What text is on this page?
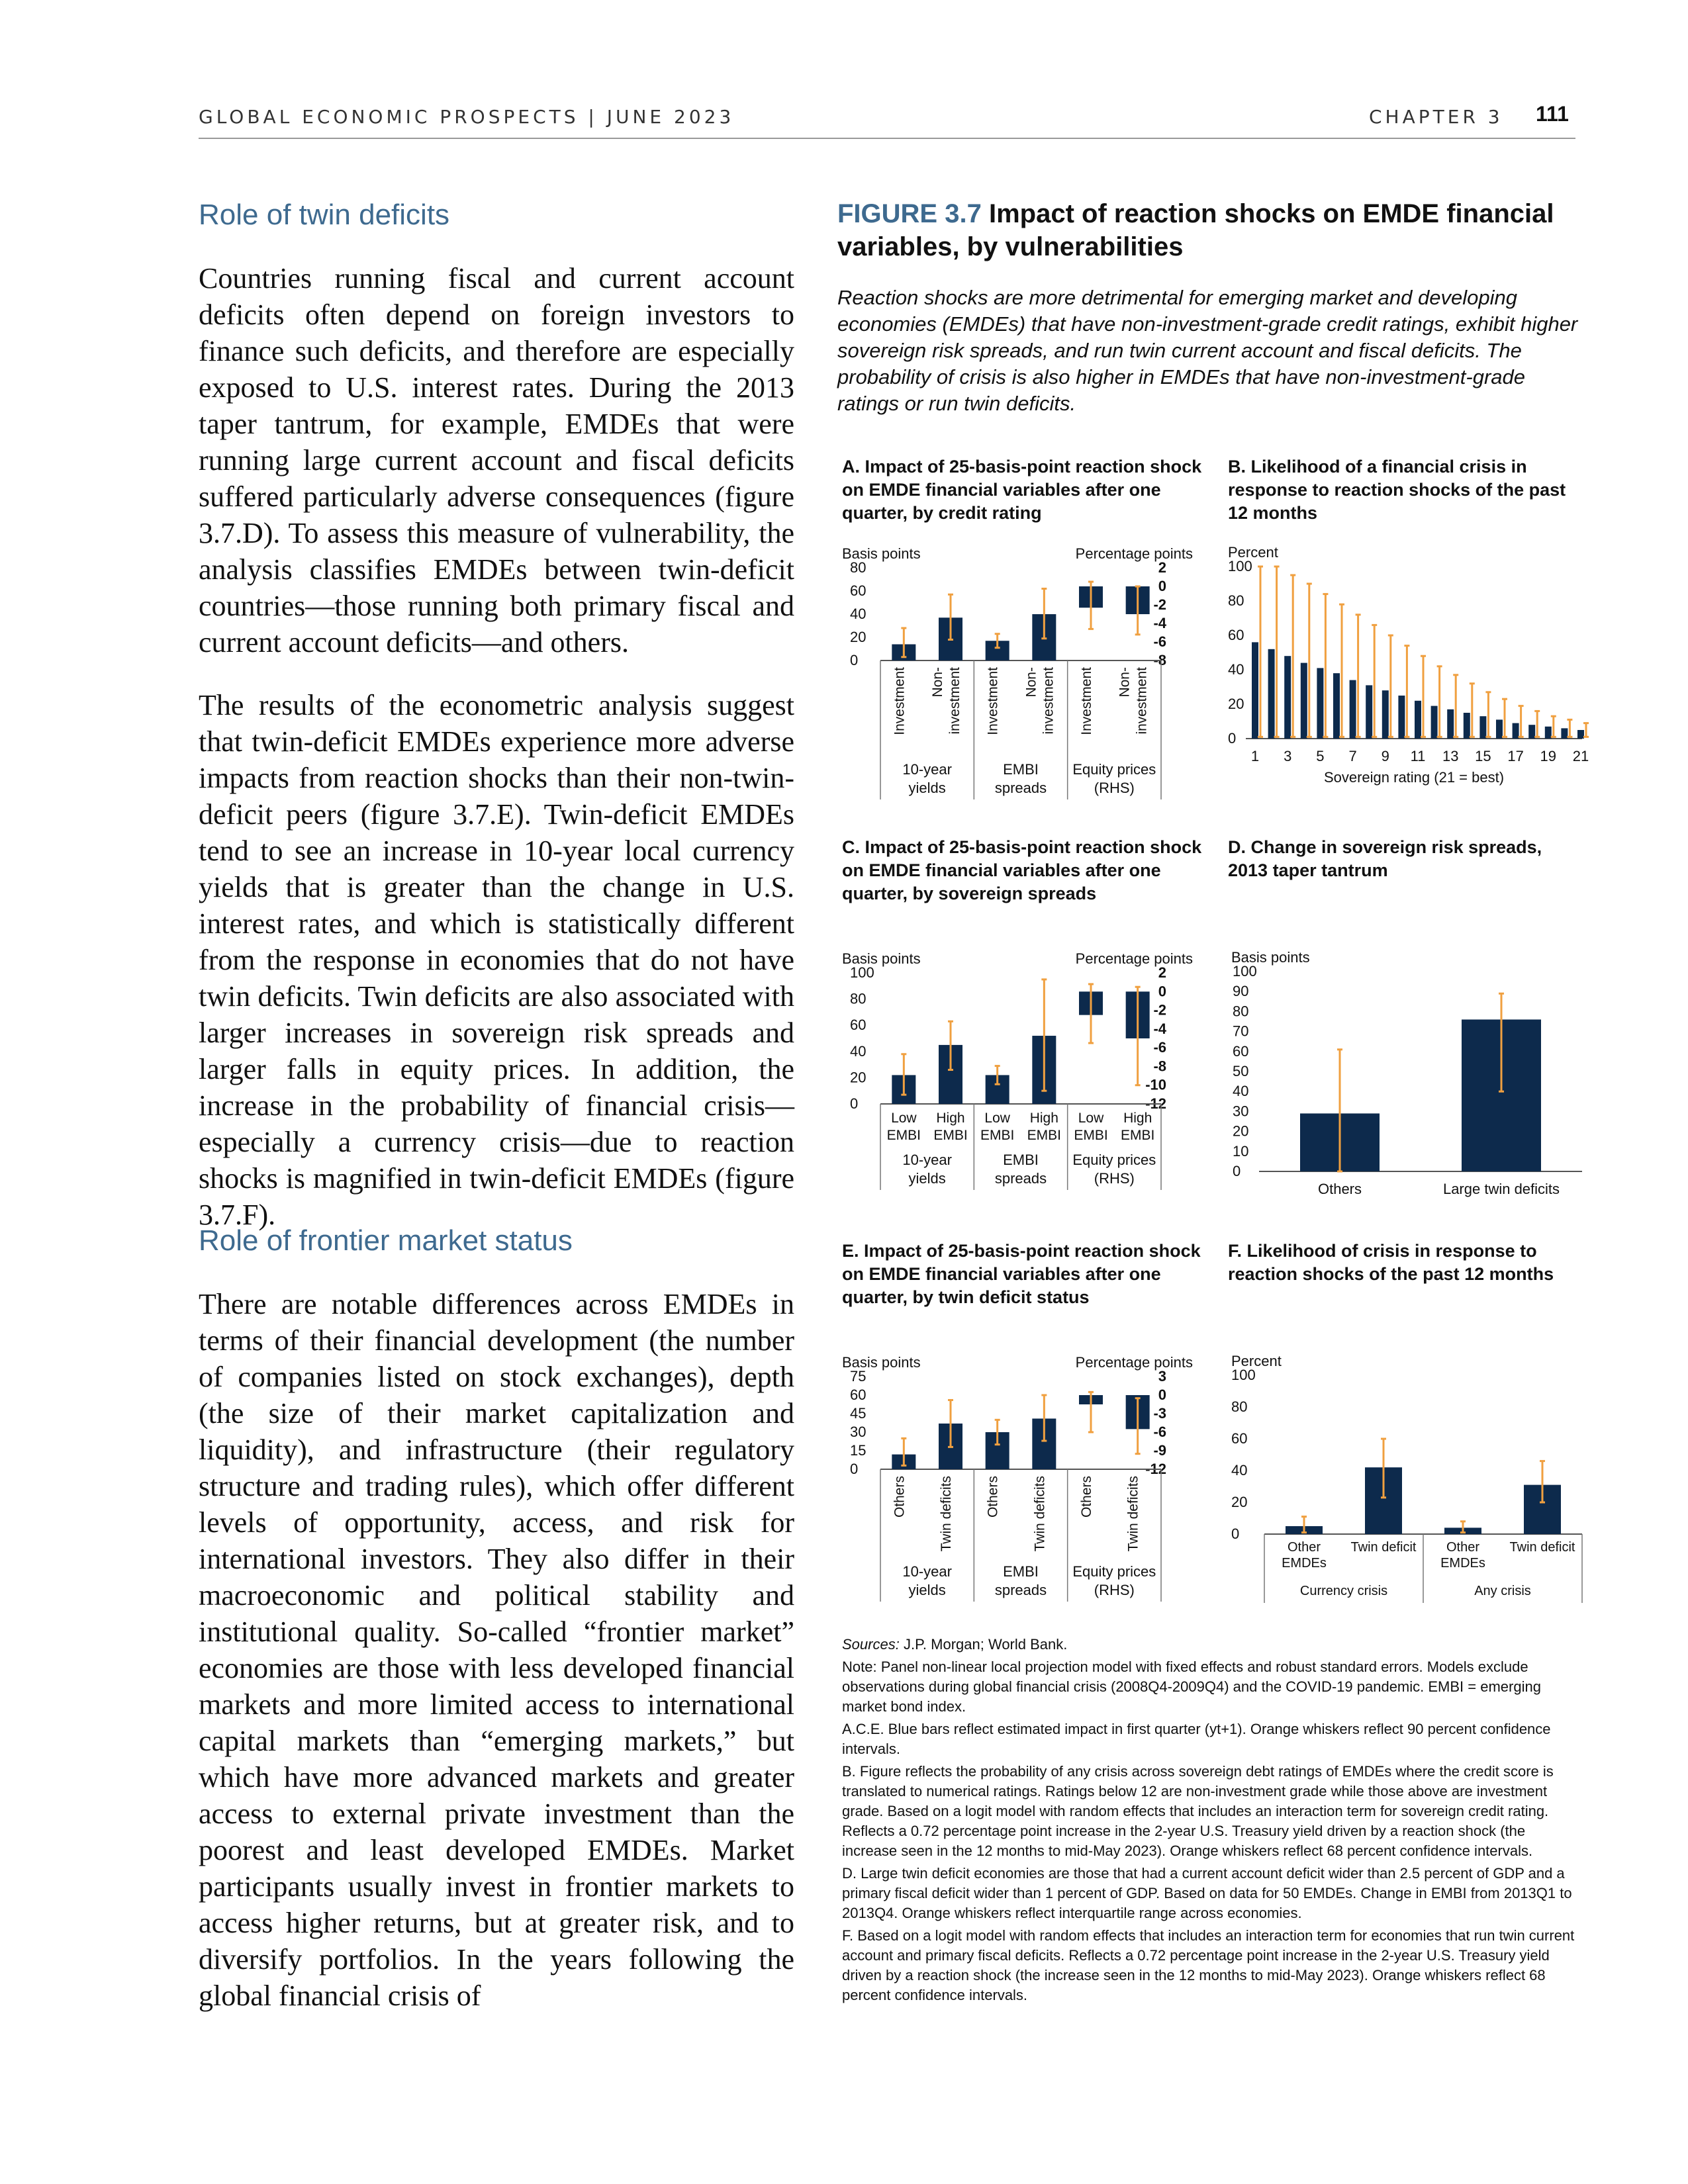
GLOBAL ECONOMIC PROSPECTS | JUNE 2023	CHAPTER 3 111
Role of twin deficits
Countries running fiscal and current account deficits often depend on foreign investors to finance such deficits, and therefore are especially exposed to U.S. interest rates. During the 2013 taper tantrum, for example, EMDEs that were running large current account and fiscal deficits suffered particularly adverse consequences (figure 3.7.D). To assess this measure of vulnerability, the analysis classifies EMDEs between twin-deficit countries—those running both primary fiscal and current account deficits—and others.
The results of the econometric analysis suggest that twin-deficit EMDEs experience more adverse impacts from reaction shocks than their non-twin-deficit peers (figure 3.7.E). Twin-deficit EMDEs tend to see an increase in 10-year local currency yields that is greater than the change in U.S. interest rates, and which is statistically different from the response in economies that do not have twin deficits. Twin deficits are also associated with larger increases in sovereign risk spreads and larger falls in equity prices. In addition, the increase in the probability of financial crisis—especially a currency crisis—due to reaction shocks is magnified in twin-deficit EMDEs (figure 3.7.F).
Role of frontier market status
There are notable differences across EMDEs in terms of their financial development (the number of companies listed on stock exchanges), depth (the size of their market capitalization and liquidity), and infrastructure (their regulatory structure and trading rules), which offer different levels of opportunity, access, and risk for international investors. They also differ in their macroeconomic and political stability and institutional quality. So-called “frontier market” economies are those with less developed financial markets and more limited access to international capital markets than “emerging markets,” but which have more advanced markets and greater access to external private investment than the poorest and least developed EMDEs. Market participants usually invest in frontier markets to access higher returns, but at greater risk, and to diversify portfolios. In the years following the global financial crisis of
FIGURE 3.7 Impact of reaction shocks on EMDE financial variables, by vulnerabilities
Reaction shocks are more detrimental for emerging market and developing economies (EMDEs) that have non-investment-grade credit ratings, exhibit higher sovereign risk spreads, and run twin current account and fiscal deficits. The probability of crisis is also higher in EMDEs that have non-investment-grade ratings or run twin deficits.
A. Impact of 25-basis-point reaction shock on EMDE financial variables after one quarter, by credit rating
B. Likelihood of a financial crisis in response to reaction shocks of the past 12 months
C. Impact of 25-basis-point reaction shock on EMDE financial variables after one quarter, by sovereign spreads
D. Change in sovereign risk spreads, 2013 taper tantrum
E. Impact of 25-basis-point reaction shock on EMDE financial variables after one quarter, by twin deficit status
F. Likelihood of crisis in response to reaction shocks of the past 12 months
Basis points	Percentage points
80
60
40
20
0
2
0
-2
-4
-6
-8
Investment Non- investment Investment Non- investment Investment Non- investment
10-year
yields
EMBI
spreads
Equity prices
(RHS)
Percent
100
80
60
40
20
0
1 3 5 7 9 11 13 15 17 19 21
Sovereign rating (21 = best)
Basis points	Percentage points
100
80
60
40
20
0
2
0
-2
-4
-6
-8
-10
-12
Low
EMBI
High
EMBI
Low
EMBI
High
EMBI
Low
EMBI
High
EMBI
10-year
yields
EMBI
spreads
Equity prices
(RHS)
Basis points
100
90
80
70
60
50
40
30
20
10
0
Others	Large twin deficits
Basis points	Percentage points
75
60
45
30
15
0
3
0
-3
-6
-9
-12
Others Twin deficits Others Twin deficits Others Twin deficits
10-year
yields
EMBI
spreads
Equity prices
(RHS)
Percent
100
80
60
40
20
0
Other
EMDEs
Twin deficit Other
EMDEs
Twin deficit
Currency crisis	Any crisis

Sources: J.P. Morgan; World Bank.

Note: Panel non-linear local projection model with fixed effects and robust standard errors. Models exclude observations during global financial crisis (2008Q4-2009Q4) and the COVID-19 pandemic. EMBI = emerging market bond index.

A.C.E. Blue bars reflect estimated impact in first quarter (yt+1). Orange whiskers reflect 90 percent confidence intervals.

B. Figure reflects the probability of any crisis across sovereign debt ratings of EMDEs where the credit score is translated to numerical ratings. Ratings below 12 are non-investment grade while those above are investment grade. Based on a logit model with random effects that includes an interaction term for sovereign credit rating. Reflects a 0.72 percentage point increase in the 2-year U.S. Treasury yield driven by a reaction shock (the increase seen in the 12 months to mid-May 2023). Orange whiskers reflect 68 percent confidence intervals.

D. Large twin deficit economies are those that had a current account deficit wider than 2.5 percent of GDP and a primary fiscal deficit wider than 1 percent of GDP. Based on data for 50 EMDEs. Change in EMBI from 2013Q1 to 2013Q4. Orange whiskers reflect interquartile range across economies.

F. Based on a logit model with random effects that includes an interaction term for economies that run twin current account and primary fiscal deficits. Reflects a 0.72 percentage point increase in the 2-year U.S. Treasury yield driven by a reaction shock (the increase seen in the 12 months to mid-May 2023). Orange whiskers reflect 68 percent confidence intervals.
